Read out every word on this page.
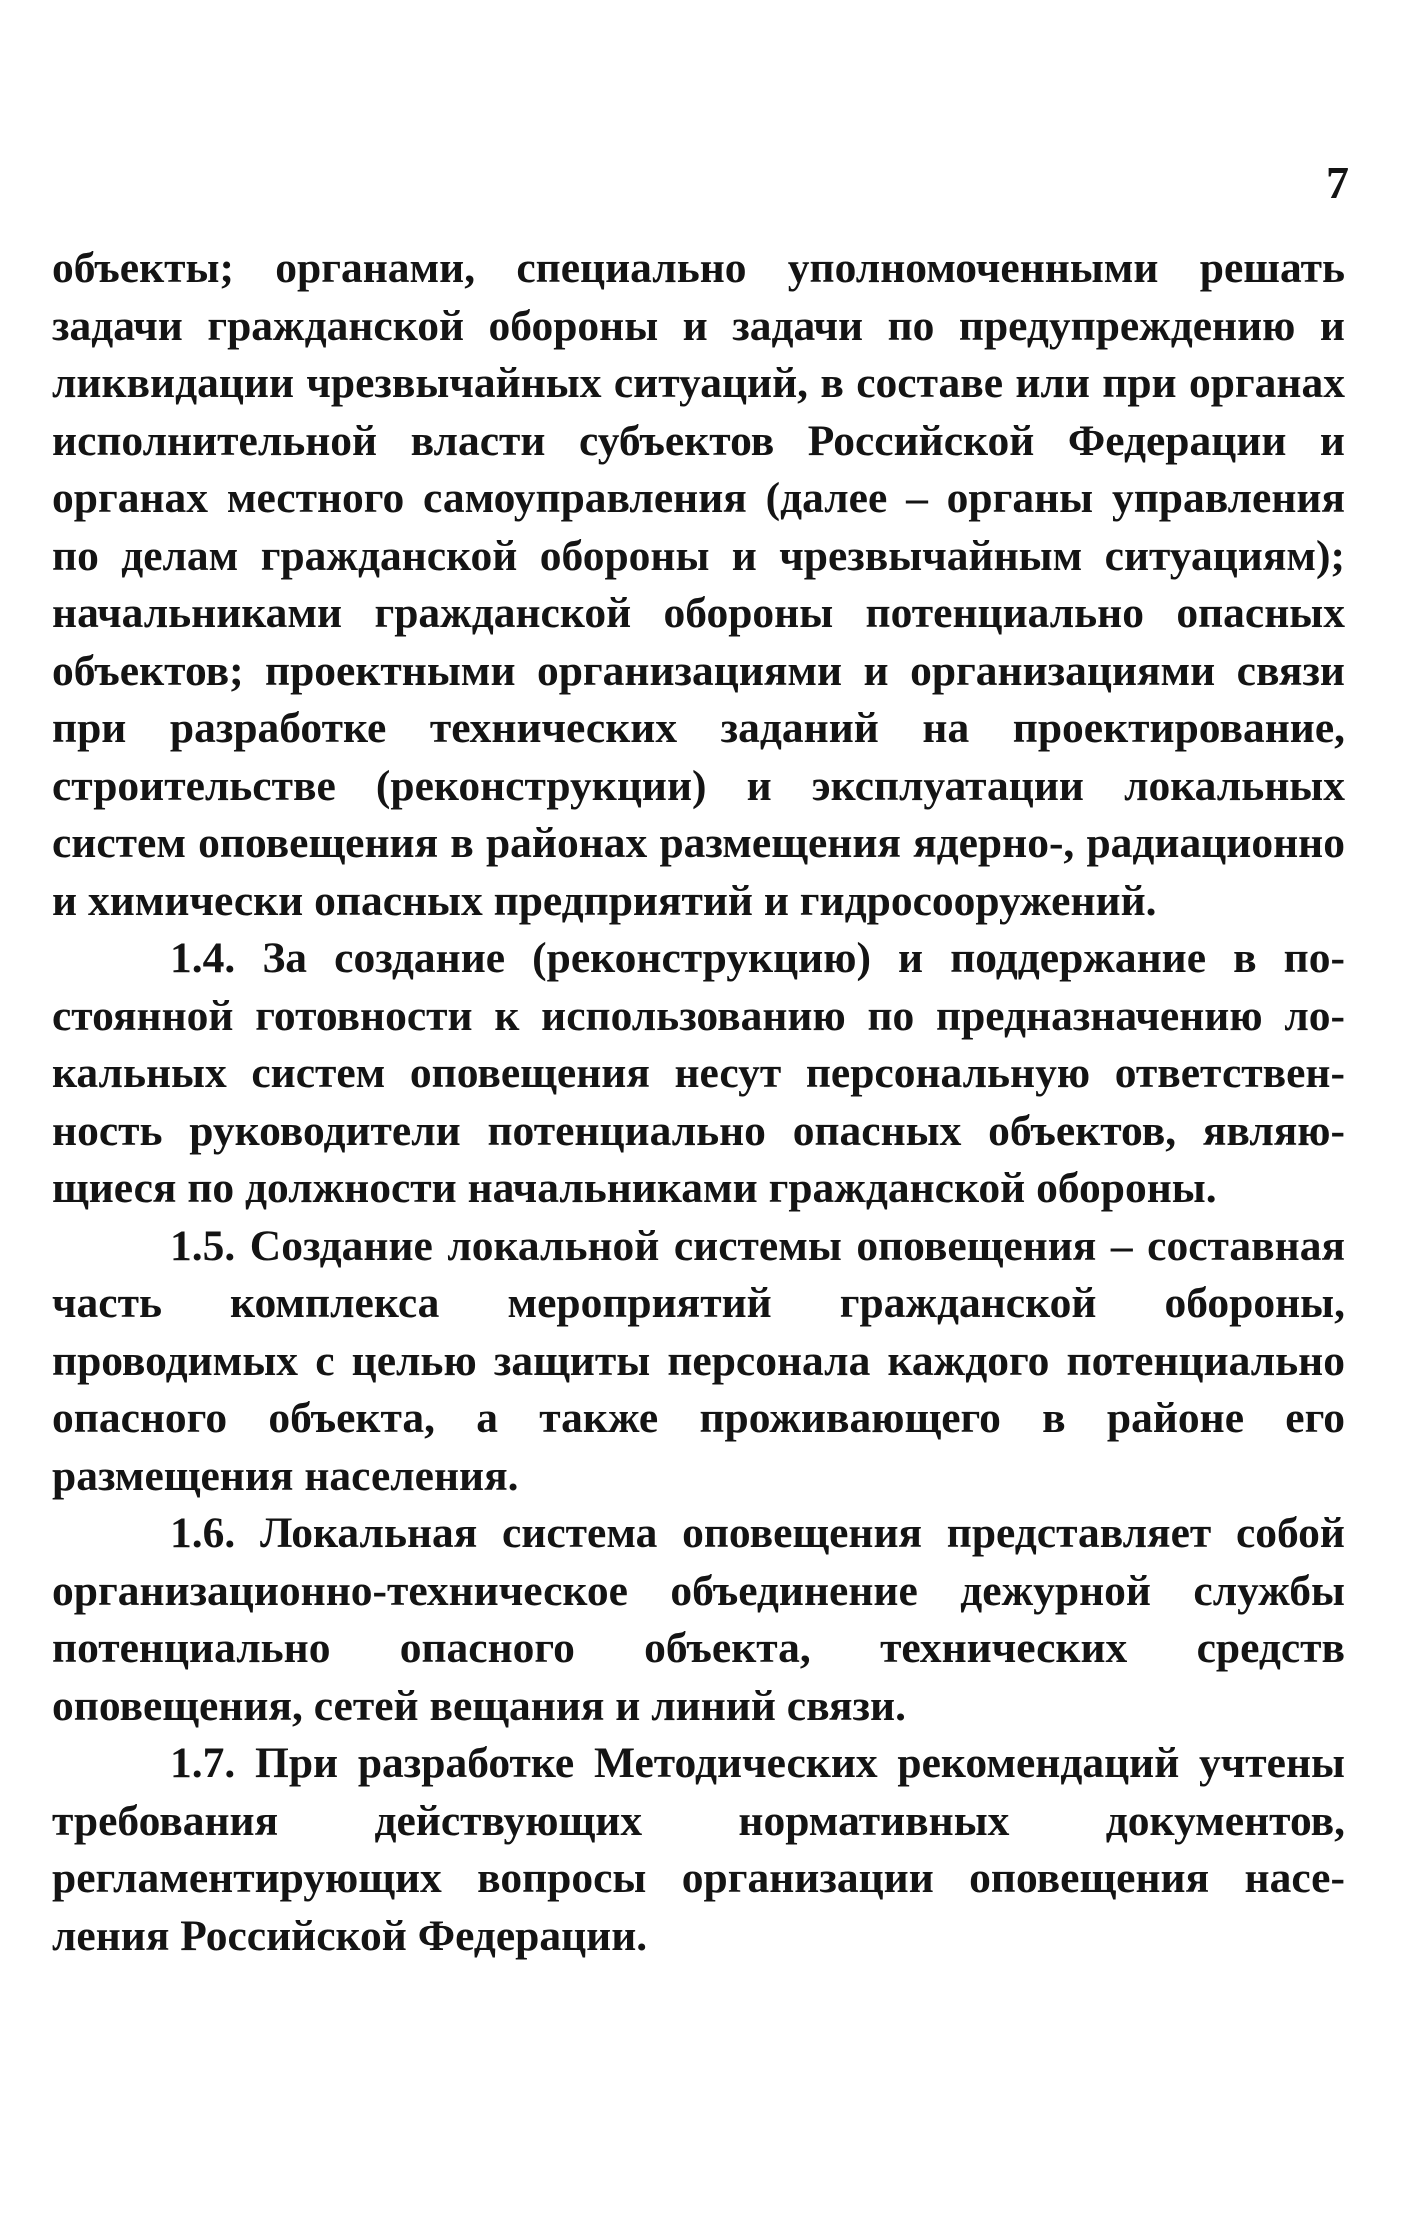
7

объекты; органами, специально уполномоченными решать задачи гражданской обороны и задачи по предупреждению и ликвидации чрезвычайных ситуаций, в составе или при органах исполнительной власти субъектов Российской Федерации и органах местного самоуправления (далее – органы управления по делам гражданской обороны и чрезвычайным ситуациям); начальниками гражданской обороны потенциально опасных объектов; проектными организациями и организациями связи при разработке технических заданий на проектирование, строительстве (реконструкции) и эксплуатации локальных систем оповещения в районах размещения ядерно-, радиационно и химически опасных предприятий и гидросооружений.

1.4. За создание (реконструкцию) и поддержание в постоянной готовности к использованию по предназначению локальных систем оповещения несут персональную ответственность руководители потенциально опасных объектов, являющиеся по должности начальниками гражданской обороны.

1.5. Создание локальной системы оповещения – составная часть комплекса мероприятий гражданской обороны, проводимых с целью защиты персонала каждого потенциально опасного объекта, а также проживающего в районе его размещения населения.

1.6. Локальная система оповещения представляет собой организационно-техническое объединение дежурной службы потенциально опасного объекта, технических средств оповещения, сетей вещания и линий связи.

1.7. При разработке Методических рекомендаций учтены требования действующих нормативных документов, регламентирующих вопросы организации оповещения населения Российской Федерации.
